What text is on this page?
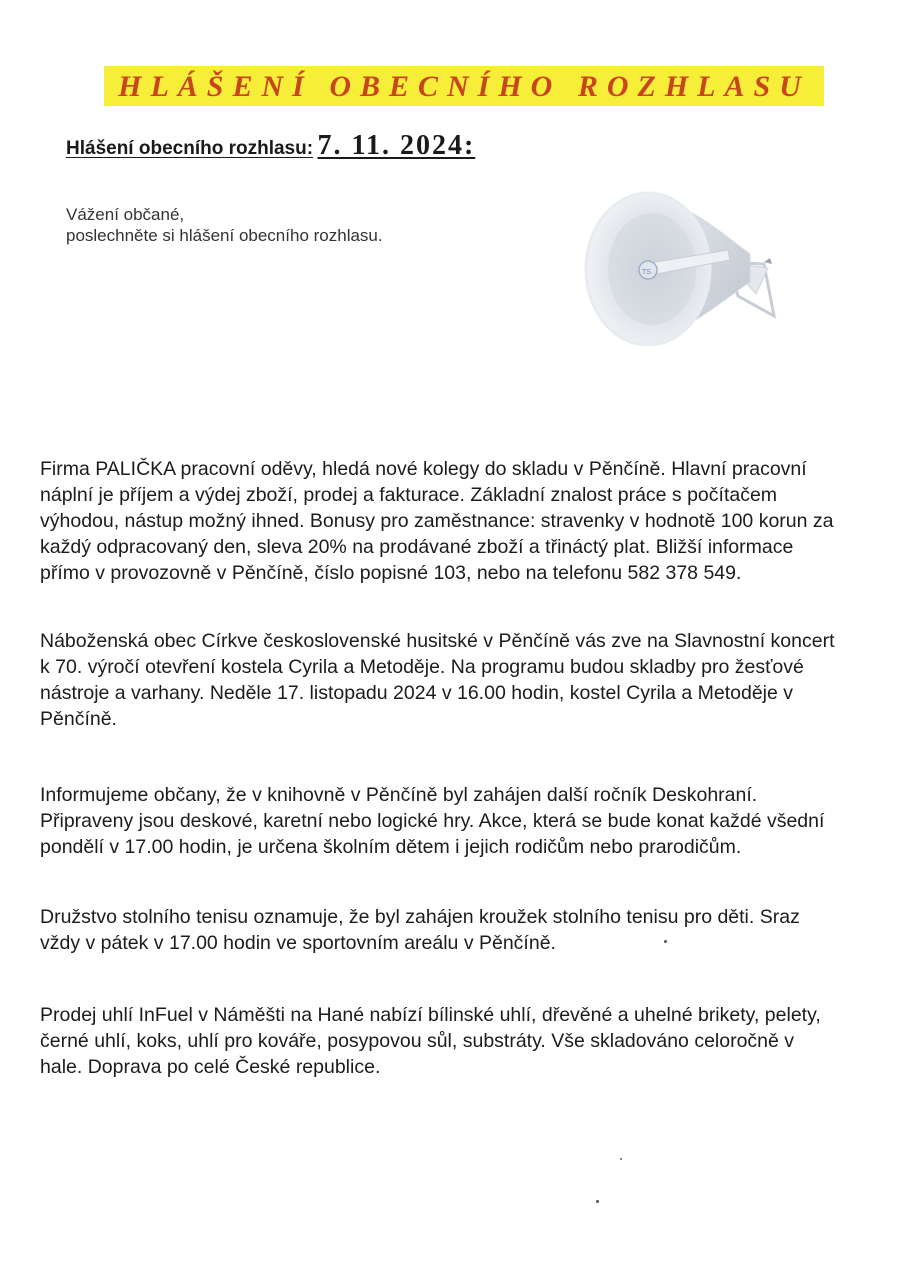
HLÁŠENÍ OBECNÍHO ROZHLASU
Hlášení obecního rozhlasu: 7. 11. 2024:
Vážení občané,
poslechněte si hlášení obecního rozhlasu.
TS

Firma PALIČKA pracovní oděvy, hledá nové kolegy do skladu v Pěnčíně. Hlavní pracovní náplní je příjem a výdej zboží, prodej a fakturace. Základní znalost práce s počítačem výhodou, nástup možný ihned. Bonusy pro zaměstnance: stravenky v hodnotě 100 korun za každý odpracovaný den, sleva 20% na prodávané zboží a třináctý plat. Bližší informace přímo v provozovně v Pěnčíně, číslo popisné 103, nebo na telefonu 582 378 549.

Náboženská obec Církve československé husitské v Pěnčíně vás zve na Slavnostní koncert k 70. výročí otevření kostela Cyrila a Metoděje. Na programu budou skladby pro žesťové nástroje a varhany. Neděle 17. listopadu 2024 v 16.00 hodin, kostel Cyrila a Metoděje v Pěnčíně.

Informujeme občany, že v knihovně v Pěnčíně byl zahájen další ročník Deskohraní. Připraveny jsou deskové, karetní nebo logické hry. Akce, která se bude konat každé všední pondělí v 17.00 hodin, je určena školním dětem i jejich rodičům nebo prarodičům.

Družstvo stolního tenisu oznamuje, že byl zahájen kroužek stolního tenisu pro děti. Sraz vždy v pátek v 17.00 hodin ve sportovním areálu v Pěnčíně.

Prodej uhlí InFuel v Náměšti na Hané nabízí bílinské uhlí, dřevěné a uhelné brikety, pelety, černé uhlí, koks, uhlí pro kováře, posypovou sůl, substráty. Vše skladováno celoročně v hale. Doprava po celé České republice.
